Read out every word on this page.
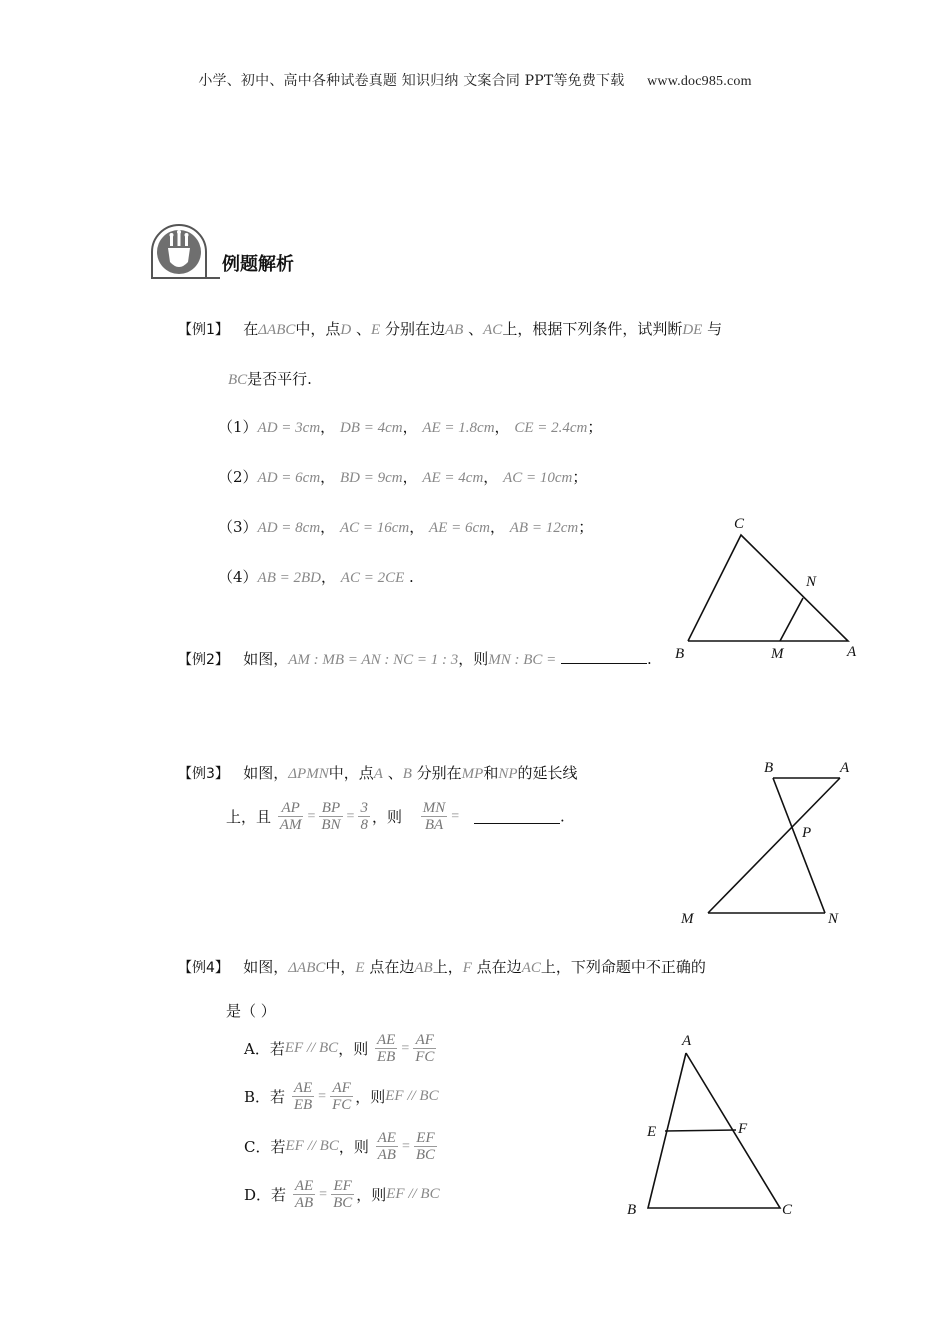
小学、初中、高中各种试卷真题 知识归纳 文案合同 PPT等免费下载 www.doc985.com
例题解析
【例1】 在ΔABC中，点D 、E 分别在边AB 、AC上，根据下列条件，试判断DE 与
BC是否平行.
（1）AD = 3cm， DB = 4cm， AE = 1.8cm， CE = 2.4cm；
（2）AD = 6cm， BD = 9cm， AE = 4cm， AC = 10cm；
（3）AD = 8cm， AC = 16cm， AE = 6cm， AB = 12cm；
（4）AB = 2BD， AC = 2CE .
【例2】 如图，AM : MB = AN : NC = 1 : 3，则MN : BC =	.
C
N
B	M	A
【例3】 如图，ΔPMN中，点A 、B 分别在MP和NP的延长线
上，且 $\frac{AP}{AM} = \frac{BP}{BN} = \frac{3}{8}$ ，则 $\frac{MN}{BA}$ =	.
B	A
P
M	N
【例4】 如图，ΔABC中，E 点在边AB上，F 点在边AC上，下列命题中不正确的
是（ ）
A．若EF // BC，则 $\frac{AE}{EB} = \frac{AF}{FC}$
B．若 $\frac{AE}{EB} = \frac{AF}{FC}$ ，则EF // BC
C．若EF // BC，则 $\frac{AE}{AB} = \frac{EF}{BC}$
D．若 $\frac{AE}{AB} = \frac{EF}{BC}$ ，则EF // BC
A
E	F
B	C
